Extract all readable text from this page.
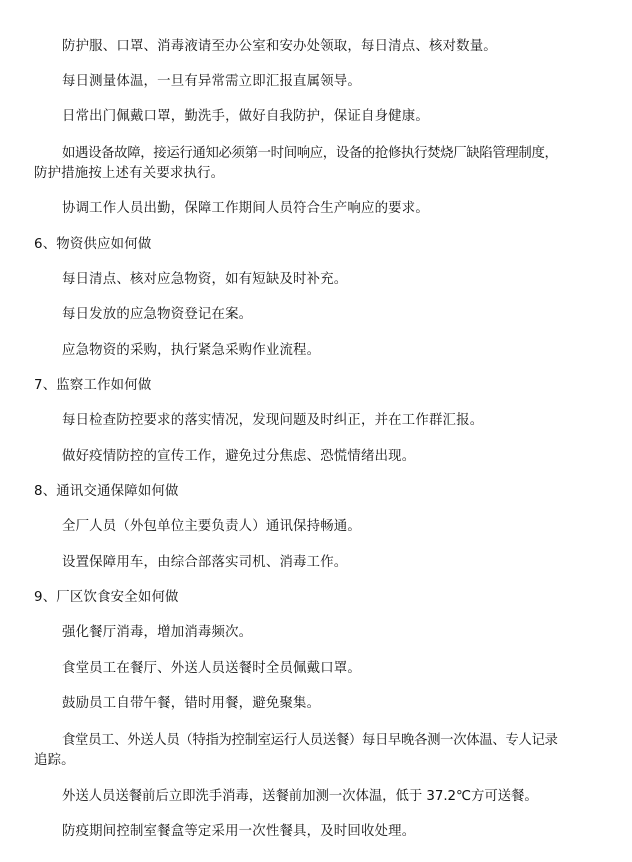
防护服、口罩、消毒液请至办公室和安办处领取，每日清点、核对数量。
每日测量体温，一旦有异常需立即汇报直属领导。
日常出门佩戴口罩，勤洗手，做好自我防护，保证自身健康。
如遇设备故障，接运行通知必须第一时间响应，设备的抢修执行焚烧厂缺陷管理制度，
防护措施按上述有关要求执行。
协调工作人员出勤，保障工作期间人员符合生产响应的要求。
6、物资供应如何做
每日清点、核对应急物资，如有短缺及时补充。
每日发放的应急物资登记在案。
应急物资的采购，执行紧急采购作业流程。
7、监察工作如何做
每日检查防控要求的落实情况，发现问题及时纠正，并在工作群汇报。
做好疫情防控的宣传工作，避免过分焦虑、恐慌情绪出现。
8、通讯交通保障如何做
全厂人员（外包单位主要负责人）通讯保持畅通。
设置保障用车，由综合部落实司机、消毒工作。
9、厂区饮食安全如何做
强化餐厅消毒，增加消毒频次。
食堂员工在餐厅、外送人员送餐时全员佩戴口罩。
鼓励员工自带午餐，错时用餐，避免聚集。
食堂员工、外送人员（特指为控制室运行人员送餐）每日早晚各测一次体温、专人记录
追踪。
外送人员送餐前后立即洗手消毒，送餐前加测一次体温，低于 37.2℃方可送餐。
防疫期间控制室餐盒等定采用一次性餐具，及时回收处理。
